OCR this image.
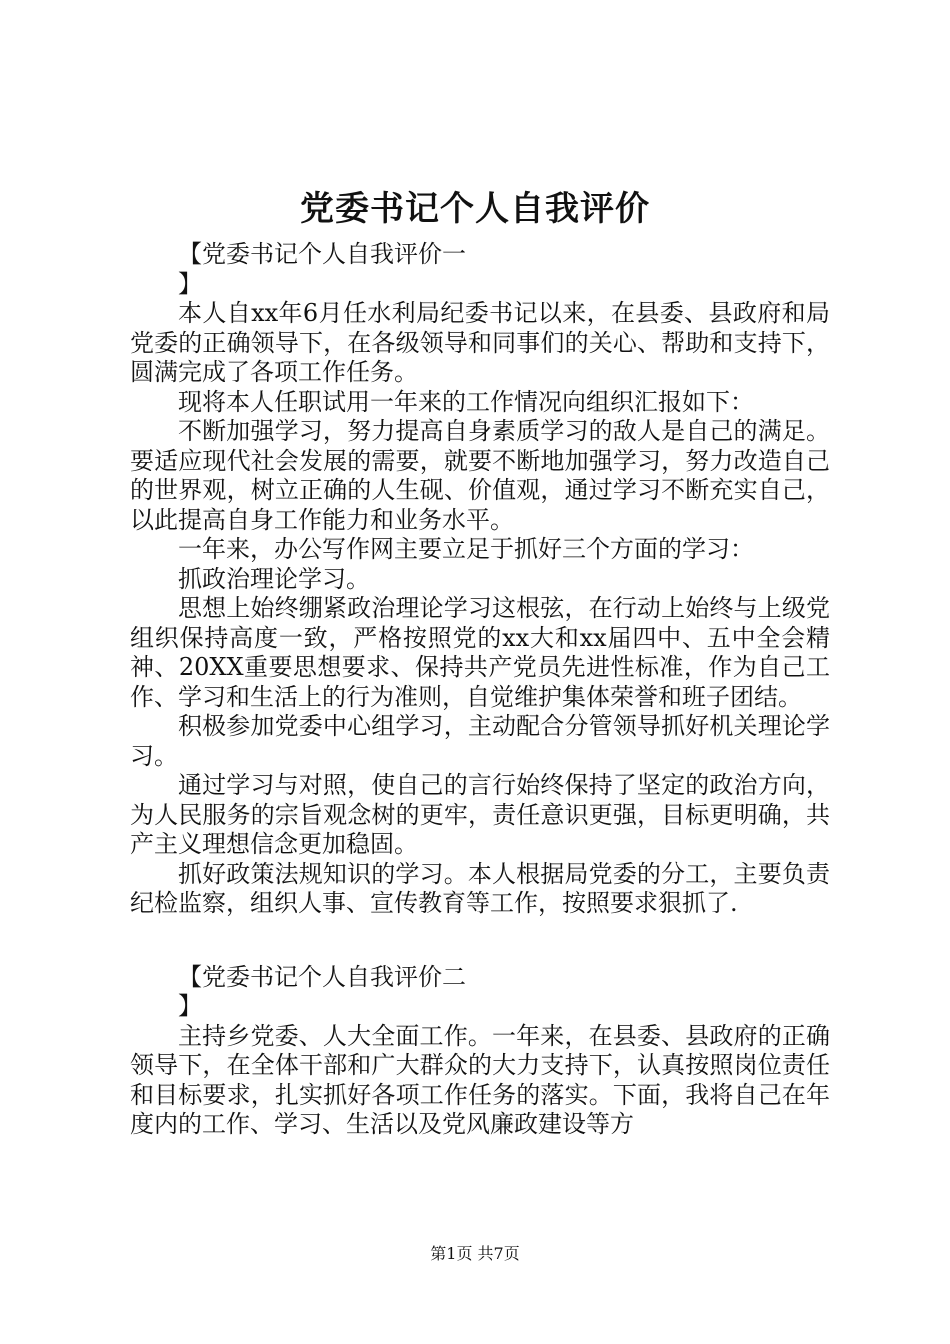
党委书记个人自我评价

【党委书记个人自我评价一

】

本人自xx年6月任水利局纪委书记以来，在县委、县政府和局党委的正确领导下，在各级领导和同事们的关心、帮助和支持下，圆满完成了各项工作任务。

现将本人任职试用一年来的工作情况向组织汇报如下：

不断加强学习，努力提高自身素质学习的敌人是自己的满足。要适应现代社会发展的需要，就要不断地加强学习，努力改造自己的世界观，树立正确的人生砚、价值观，通过学习不断充实自己，以此提高自身工作能力和业务水平。

一年来，办公写作网主要立足于抓好三个方面的学习：

抓政治理论学习。

思想上始终绷紧政治理论学习这根弦，在行动上始终与上级党组织保持高度一致，严格按照党的xx大和xx届四中、五中全会精神、20XX重要思想要求、保持共产党员先进性标准，作为自己工作、学习和生活上的行为准则，自觉维护集体荣誉和班子团结。

积极参加党委中心组学习，主动配合分管领导抓好机关理论学习。

通过学习与对照，使自己的言行始终保持了坚定的政治方向，为人民服务的宗旨观念树的更牢，责任意识更强，目标更明确，共产主义理想信念更加稳固。

抓好政策法规知识的学习。本人根据局党委的分工，主要负责纪检监察，组织人事、宣传教育等工作，按照要求狠抓了.

【党委书记个人自我评价二

】

主持乡党委、人大全面工作。一年来，在县委、县政府的正确领导下，在全体干部和广大群众的大力支持下，认真按照岗位责任和目标要求，扎实抓好各项工作任务的落实。下面，我将自己在年度内的工作、学习、生活以及党风廉政建设等方

第1页 共7页
